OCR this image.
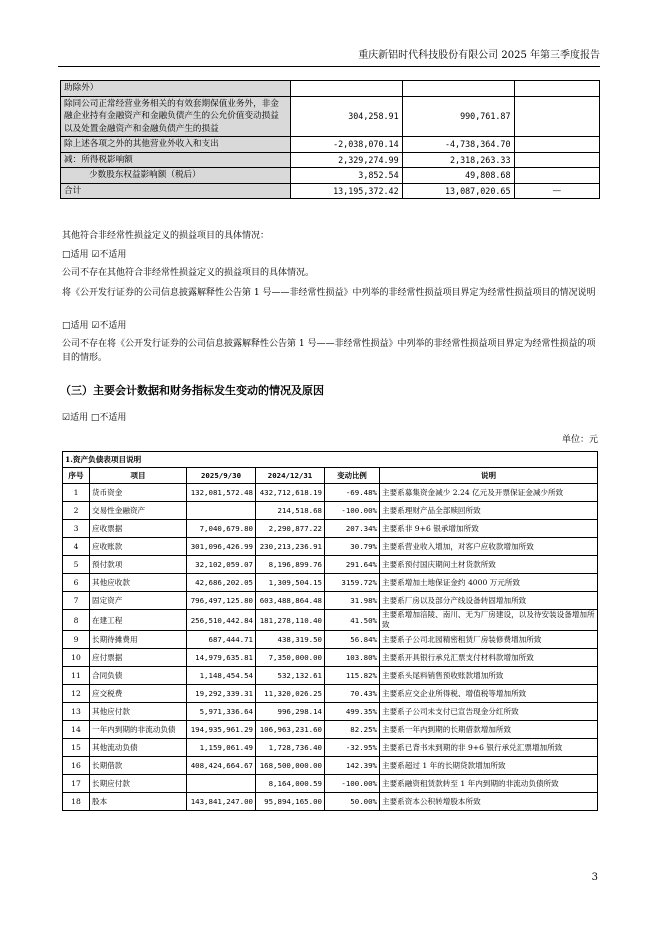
重庆新铝时代科技股份有限公司 2025 年第三季度报告
助除外）			
除同公司正常经营业务相关的有效套期保值业务外，非金融企业持有金融资产和金融负债产生的公允价值变动损益以及处置金融资产和金融负债产生的损益	304,258.91	990,761.87	
除上述各项之外的其他营业外收入和支出	-2,038,070.14	-4,738,364.70	
减：所得税影响额	2,329,274.99	2,318,263.33	
少数股东权益影响额（税后）	3,852.54	49,808.68	
合计	13,195,372.42	13,087,020.65	—
其他符合非经常性损益定义的损益项目的具体情况：
□适用 ☑不适用
公司不存在其他符合非经常性损益定义的损益项目的具体情况。
将《公开发行证券的公司信息披露解释性公告第 1 号——非经常性损益》中列举的非经常性损益项目界定为经常性损益项目的情况说明
□适用 ☑不适用
公司不存在将《公开发行证券的公司信息披露解释性公告第 1 号——非经常性损益》中列举的非经常性损益项目界定为经常性损益的项目的情形。
（三）主要会计数据和财务指标发生变动的情况及原因
☑适用 □不适用
单位：元
1.资产负债表项目说明					
序号	项目	2025/9/30	2024/12/31	变动比例	说明
1	货币资金	132,081,572.48	432,712,618.19	-69.48%	主要系募集资金减少 2.24 亿元及开票保证金减少所致
2	交易性金融资产		214,518.68	-100.00%	主要系理财产品全部赎回所致
3	应收票据	7,040,679.80	2,290,877.22	207.34%	主要系非 9+6 银承增加所致
4	应收账款	301,096,426.99	230,213,236.91	30.79%	主要系营业收入增加，对客户应收款增加所致
5	预付款项	32,102,059.07	8,196,899.76	291.64%	主要系预付国庆期间土材货款所致
6	其他应收款	42,686,202.05	1,309,504.15	3159.72%	主要系增加土地保证金约 4000 万元所致
7	固定资产	796,497,125.80	603,488,864.48	31.98%	主要系厂房以及部分产线设备转固增加所致
8	在建工程	256,510,442.84	181,278,110.40	41.50%	主要系增加涪陵、南川、无为厂房建设，以及待安装设备增加所致
9	长期待摊费用	687,444.71	438,319.50	56.84%	主要系子公司北园精密租赁厂房装修费增加所致
10	应付票据	14,979,635.81	7,350,000.00	103.80%	主要系开具银行承兑汇票支付材料款增加所致
11	合同负债	1,148,454.54	532,132.61	115.82%	主要系头尾料销售预收账款增加所致
12	应交税费	19,292,339.31	11,320,026.25	70.43%	主要系应交企业所得税、增值税等增加所致
13	其他应付款	5,971,336.64	996,298.14	499.35%	主要系子公司未支付已宣告现金分红所致
14	一年内到期的非流动负债	194,935,961.29	106,963,231.60	82.25%	主要系一年内到期的长期借款增加所致
15	其他流动负债	1,159,061.49	1,728,736.40	-32.95%	主要系已背书未到期的非 9+6 银行承兑汇票增加所致
16	长期借款	408,424,664.67	168,500,000.00	142.39%	主要系超过 1 年的长期贷款增加所致
17	长期应付款		8,164,000.59	-100.00%	主要系融资租赁款转至 1 年内到期的非流动负债所致
18	股本	143,841,247.00	95,894,165.00	50.00%	主要系资本公积转增股本所致
3
